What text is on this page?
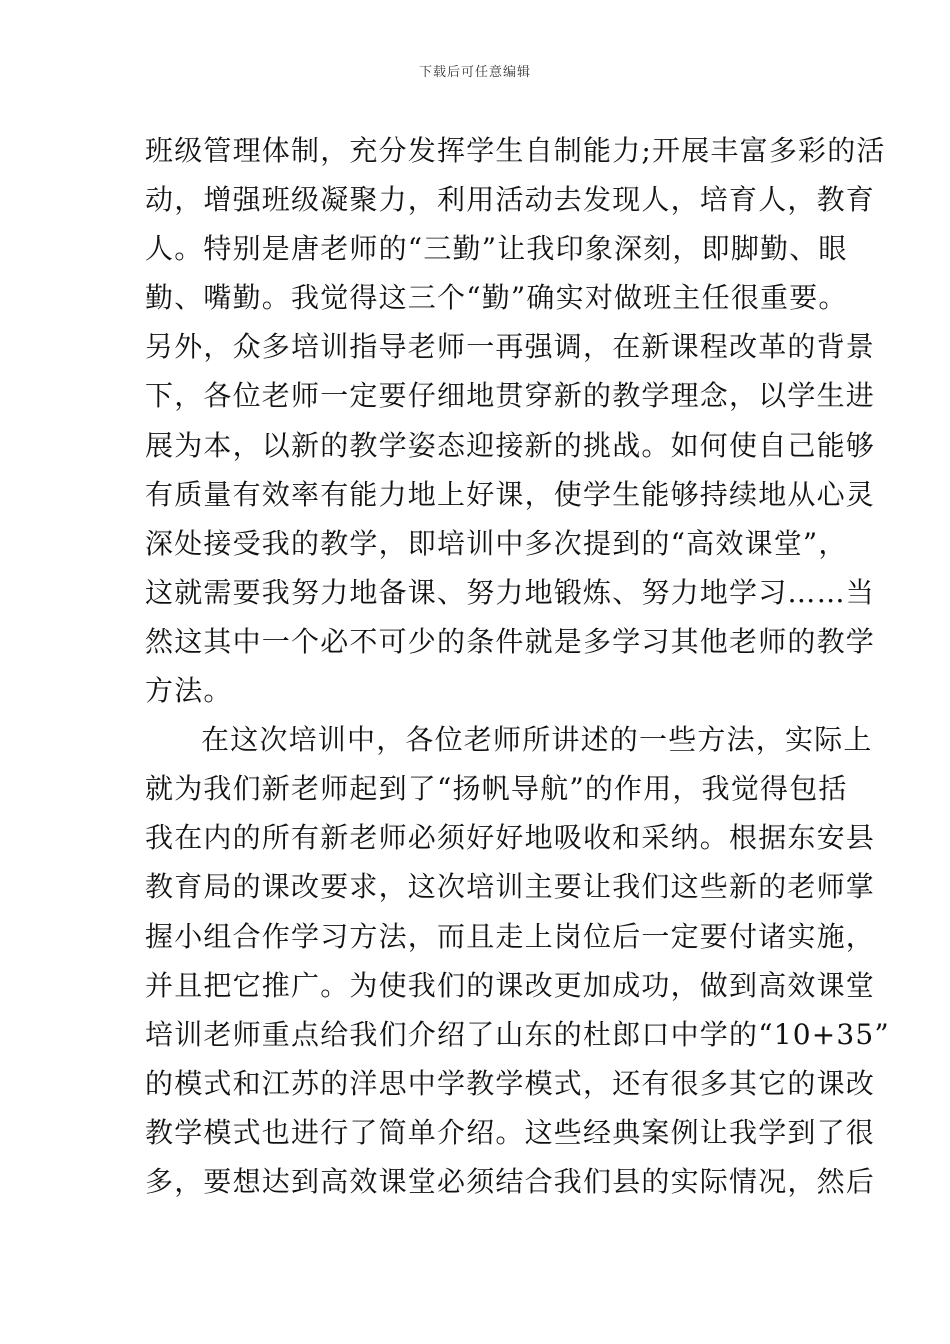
下载后可任意编辑
班级管理体制，充分发挥学生自制能力;开展丰富多彩的活
动，增强班级凝聚力，利用活动去发现人，培育人，教育
人。特别是唐老师的“三勤”让我印象深刻，即脚勤、眼
勤、嘴勤。我觉得这三个“勤”确实对做班主任很重要。
另外，众多培训指导老师一再强调，在新课程改革的背景
下，各位老师一定要仔细地贯穿新的教学理念，以学生进
展为本，以新的教学姿态迎接新的挑战。如何使自己能够
有质量有效率有能力地上好课，使学生能够持续地从心灵
深处接受我的教学，即培训中多次提到的“高效课堂”，
这就需要我努力地备课、努力地锻炼、努力地学习……当
然这其中一个必不可少的条件就是多学习其他老师的教学
方法。
在这次培训中，各位老师所讲述的一些方法，实际上
就为我们新老师起到了“扬帆导航”的作用，我觉得包括
我在内的所有新老师必须好好地吸收和采纳。根据东安县
教育局的课改要求，这次培训主要让我们这些新的老师掌
握小组合作学习方法，而且走上岗位后一定要付诸实施，
并且把它推广。为使我们的课改更加成功，做到高效课堂
培训老师重点给我们介绍了山东的杜郎口中学的“10+35”
的模式和江苏的洋思中学教学模式，还有很多其它的课改
教学模式也进行了简单介绍。这些经典案例让我学到了很
多，要想达到高效课堂必须结合我们县的实际情况，然后
